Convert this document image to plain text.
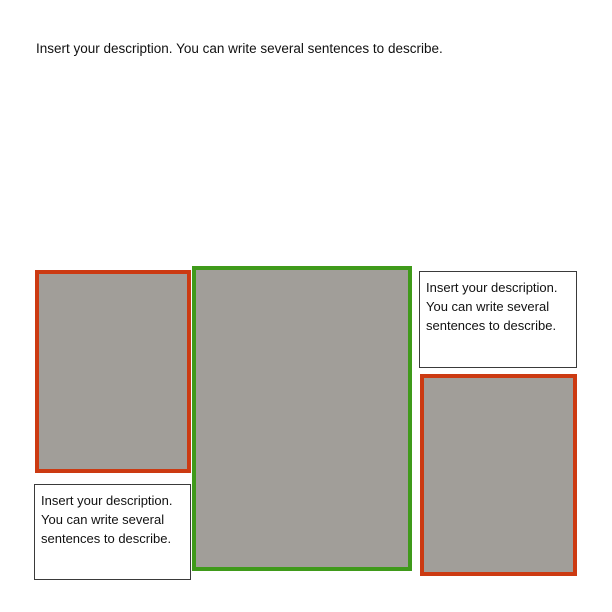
Insert your description. You can write several sentences to describe.
Insert your description.
You can write several
sentences to describe.
Insert your description.
You can write several
sentences to describe.
